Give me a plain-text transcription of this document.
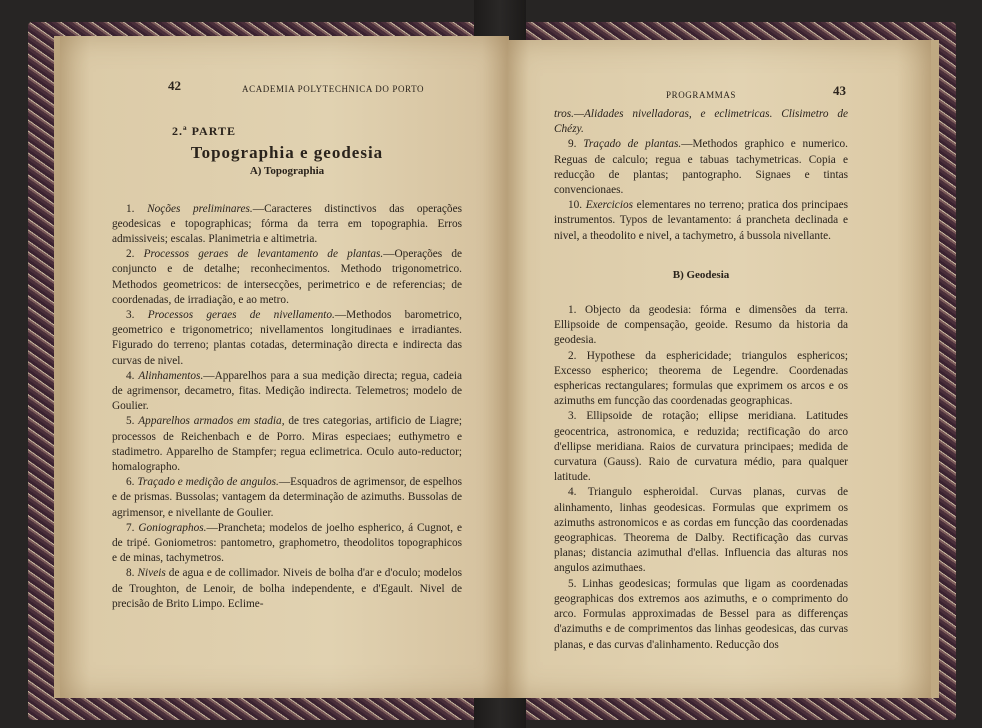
42	ACADEMIA POLYTECHNICA DO PORTO
2.ª PARTE
Topographia e geodesia
A) Topographia

1. Noções preliminares.—Caracteres distinctivos das operações geodesicas e topographicas; fórma da terra em topographia. Erros admissiveis; escalas. Planimetria e altimetria.

2. Processos geraes de levantamento de plantas.—Operações de conjuncto e de detalhe; reconhecimentos. Methodo trigonometrico. Methodos geometricos: de intersecções, perimetrico e de referencias; de coordenadas, de irradiação, e ao metro.

3. Processos geraes de nivellamento.—Methodos barometrico, geometrico e trigonometrico; nivellamentos longitudinaes e irradiantes. Figurado do terreno; plantas cotadas, determinação directa e indirecta das curvas de nivel.

4. Alinhamentos.—Apparelhos para a sua medição directa; regua, cadeia de agrimensor, decametro, fitas. Medição indirecta. Telemetros; modelo de Goulier.

5. Apparelhos armados em stadia, de tres categorias, artificio de Liagre; processos de Reichenbach e de Porro. Miras especiaes; euthymetro e stadimetro. Apparelho de Stampfer; regua eclimetrica. Oculo auto-reductor; homalographo.

6. Traçado e medição de angulos.—Esquadros de agrimensor, de espelhos e de prismas. Bussolas; vantagem da determinação de azimuths. Bussolas de agrimensor, e nivellante de Goulier.

7. Goniographos.—Prancheta; modelos de joelho espherico, á Cugnot, e de tripé. Goniometros: pantometro, graphometro, theodolitos topographicos e de minas, tachymetros.

8. Niveis de agua e de collimador. Niveis de bolha d'ar e d'oculo; modelos de Troughton, de Lenoir, de bolha independente, e d'Egault. Nivel de precisão de Brito Limpo. Eclime-

PROGRAMMAS	43

tros.—Alidades nivelladoras, e eclimetricas. Clisimetro de Chézy.

9. Traçado de plantas.—Methodos graphico e numerico. Reguas de calculo; regua e tabuas tachymetricas. Copia e reducção de plantas; pantographo. Signaes e tintas convencionaes.

10. Exercicios elementares no terreno; pratica dos principaes instrumentos. Typos de levantamento: á prancheta declinada e nivel, a theodolito e nivel, a tachymetro, á bussola nivellante.

B) Geodesia

1. Objecto da geodesia: fórma e dimensões da terra. Ellipsoide de compensação, geoide. Resumo da historia da geodesia.

2. Hypothese da esphericidade; triangulos esphericos; Excesso espherico; theorema de Legendre. Coordenadas esphericas rectangulares; formulas que exprimem os arcos e os azimuths em funcção das coordenadas geographicas.

3. Ellipsoide de rotação; ellipse meridiana. Latitudes geocentrica, astronomica, e reduzida; rectificação do arco d'ellipse meridiana. Raios de curvatura principaes; medida de curvatura (Gauss). Raio de curvatura médio, para qualquer latitude.

4. Triangulo espheroidal. Curvas planas, curvas de alinhamento, linhas geodesicas. Formulas que exprimem os azimuths astronomicos e as cordas em funcção das coordenadas geographicas. Theorema de Dalby. Rectificação das curvas planas; distancia azimuthal d'ellas. Influencia das alturas nos angulos azimuthaes.

5. Linhas geodesicas; formulas que ligam as coordenadas geographicas dos extremos aos azimuths, e o comprimento do arco. Formulas approximadas de Bessel para as differenças d'azimuths e de comprimentos das linhas geodesicas, das curvas planas, e das curvas d'alinhamento. Reducção dos
